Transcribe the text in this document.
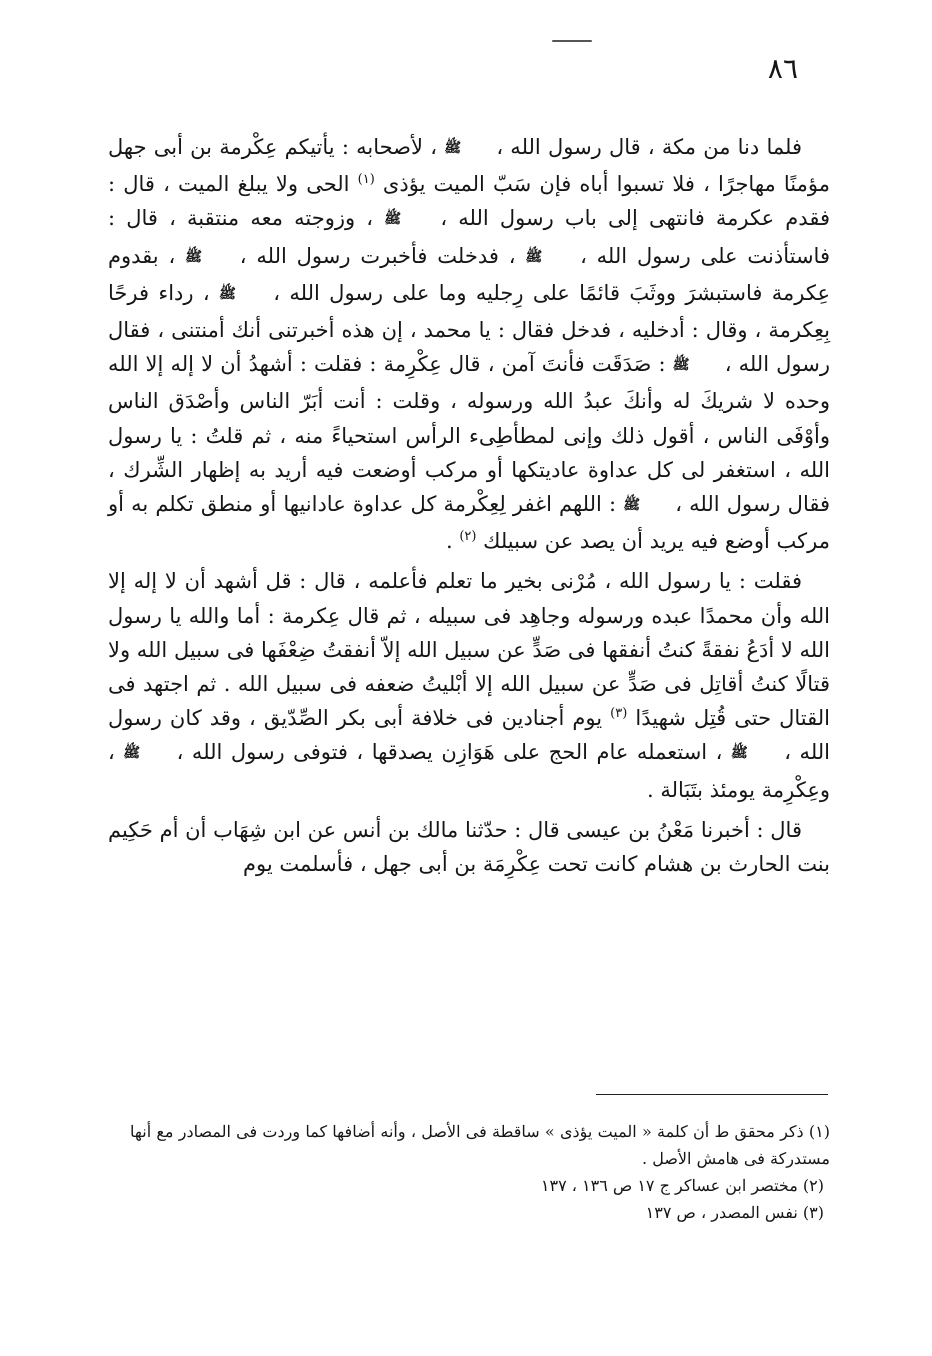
٨٦

فلما دنا من مكة ، قال رسول الله ، ﷺ ، لأصحابه : يأتيكم عِكْرمة بن أبى جهل مؤمنًا مهاجرًا ، فلا تسبوا أباه فإن سَبّ الميت يؤذى $^{(١)}$ الحى ولا يبلغ الميت ، قال : فقدم عكرمة فانتهى إلى باب رسول الله ، ﷺ ، وزوجته معه منتقبة ، قال : فاستأذنت على رسول الله ، ﷺ ، فدخلت فأخبرت رسول الله ، ﷺ ، بقدوم عِكرمة فاستبشرَ ووثَبَ قائمًا على رِجليه وما على رسول الله ، ﷺ ، رداء فرحًا بِعِكرمة ، وقال : أدخليه ، فدخل فقال : يا محمد ، إن هذه أخبرتنى أنك أمنتنى ، فقال رسول الله ، ﷺ : صَدَقَت فأنتَ آمن ، قال عِكْرِمة : فقلت : أشهدُ أن لا إله إلا الله وحده لا شريكَ له وأنكَ عبدُ الله ورسوله ، وقلت : أنت أبَرّ الناس وأصْدَق الناس وأوْفَى الناس ، أقول ذلك وإنى لمطأطِىء الرأس استحياءً منه ، ثم قلتُ : يا رسول الله ، استغفر لى كل عداوة عاديتكها أو مركب أوضعت فيه أريد به إظهار الشِّرك ، فقال رسول الله ، ﷺ : اللهم اغفر لِعِكْرمة كل عداوة عادانيها أو منطق تكلم به أو مركب أوضع فيه يريد أن يصد عن سبيلك $^{(٢)}$ .

فقلت : يا رسول الله ، مُرْنى بخير ما تعلم فأعلمه ، قال : قل أشهد أن لا إله إلا الله وأن محمدًا عبده ورسوله وجاهِد فى سبيله ، ثم قال عِكرمة : أما والله يا رسول الله لا أدَعُ نفقةً كنتُ أنفقها فى صَدٍّ عن سبيل الله إلاّ أنفقتُ ضِعْفَها فى سبيل الله ولا قتالًا كنتُ أقاتِل فى صَدٍّ عن سبيل الله إلا أبْليتُ ضعفه فى سبيل الله . ثم اجتهد فى القتال حتى قُتِل شهيدًا $^{(٣)}$ يوم أجنادين فى خلافة أبى بكر الصِّدّيق ، وقد كان رسول الله ، ﷺ ، استعمله عام الحج على هَوَازِن يصدقها ، فتوفى رسول الله ، ﷺ ، وعِكْرِمة يومئذ بتَبَالة .

قال : أخبرنا مَعْنُ بن عيسى قال : حدّثنا مالك بن أنس عن ابن شِهَاب أن أم حَكِيم بنت الحارث بن هشام كانت تحت عِكْرِمَة بن أبى جهل ، فأسلمت يوم

(١) ذكر محقق ط أن كلمة « الميت يؤذى » ساقطة فى الأصل ، وأنه أضافها كما وردت فى المصادر مع أنها مستدركة فى هامش الأصل .

(٢) مختصر ابن عساكر ج ١٧ ص ١٣٦ ، ١٣٧

(٣) نفس المصدر ، ص ١٣٧
